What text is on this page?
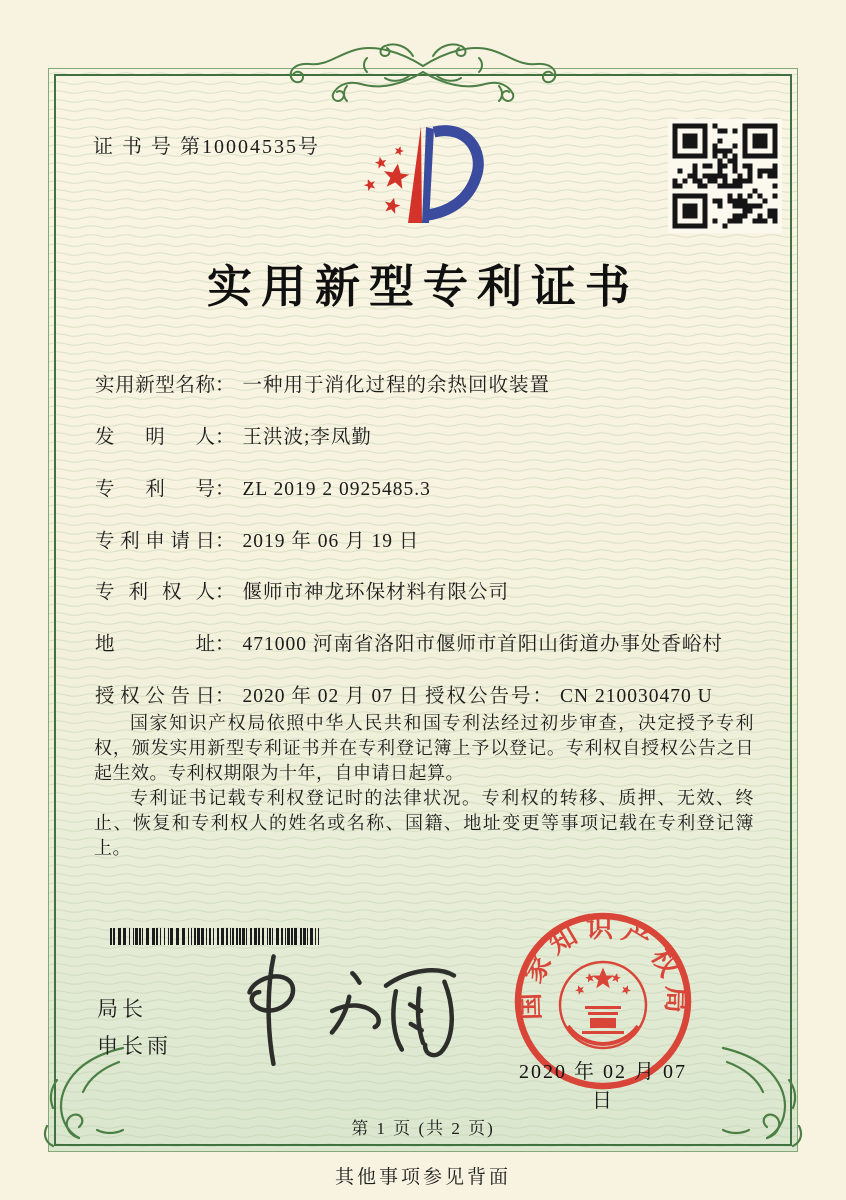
证 书 号 第10004535号
实用新型专利证书
实用新型名称： 一种用于消化过程的余热回收装置
发明人： 王洪波;李凤勤
专利号： ZL 2019 2 0925485.3
专利申请日： 2019 年 06 月 19 日
专利权人： 偃师市神龙环保材料有限公司
地址： 471000 河南省洛阳市偃师市首阳山街道办事处香峪村
授权公告日： 2020 年 02 月 07 日 授权公告号： CN 210030470 U

国家知识产权局依照中华人民共和国专利法经过初步审查，决定授予专利权，颁发实用新型专利证书并在专利登记簿上予以登记。专利权自授权公告之日起生效。专利权期限为十年，自申请日起算。

专利证书记载专利权登记时的法律状况。专利权的转移、质押、无效、终止、恢复和专利权人的姓名或名称、国籍、地址变更等事项记载在专利登记簿上。

局长
申长雨
国家知识产权局
2020 年 02 月 07 日
第 1 页 (共 2 页)
其他事项参见背面
